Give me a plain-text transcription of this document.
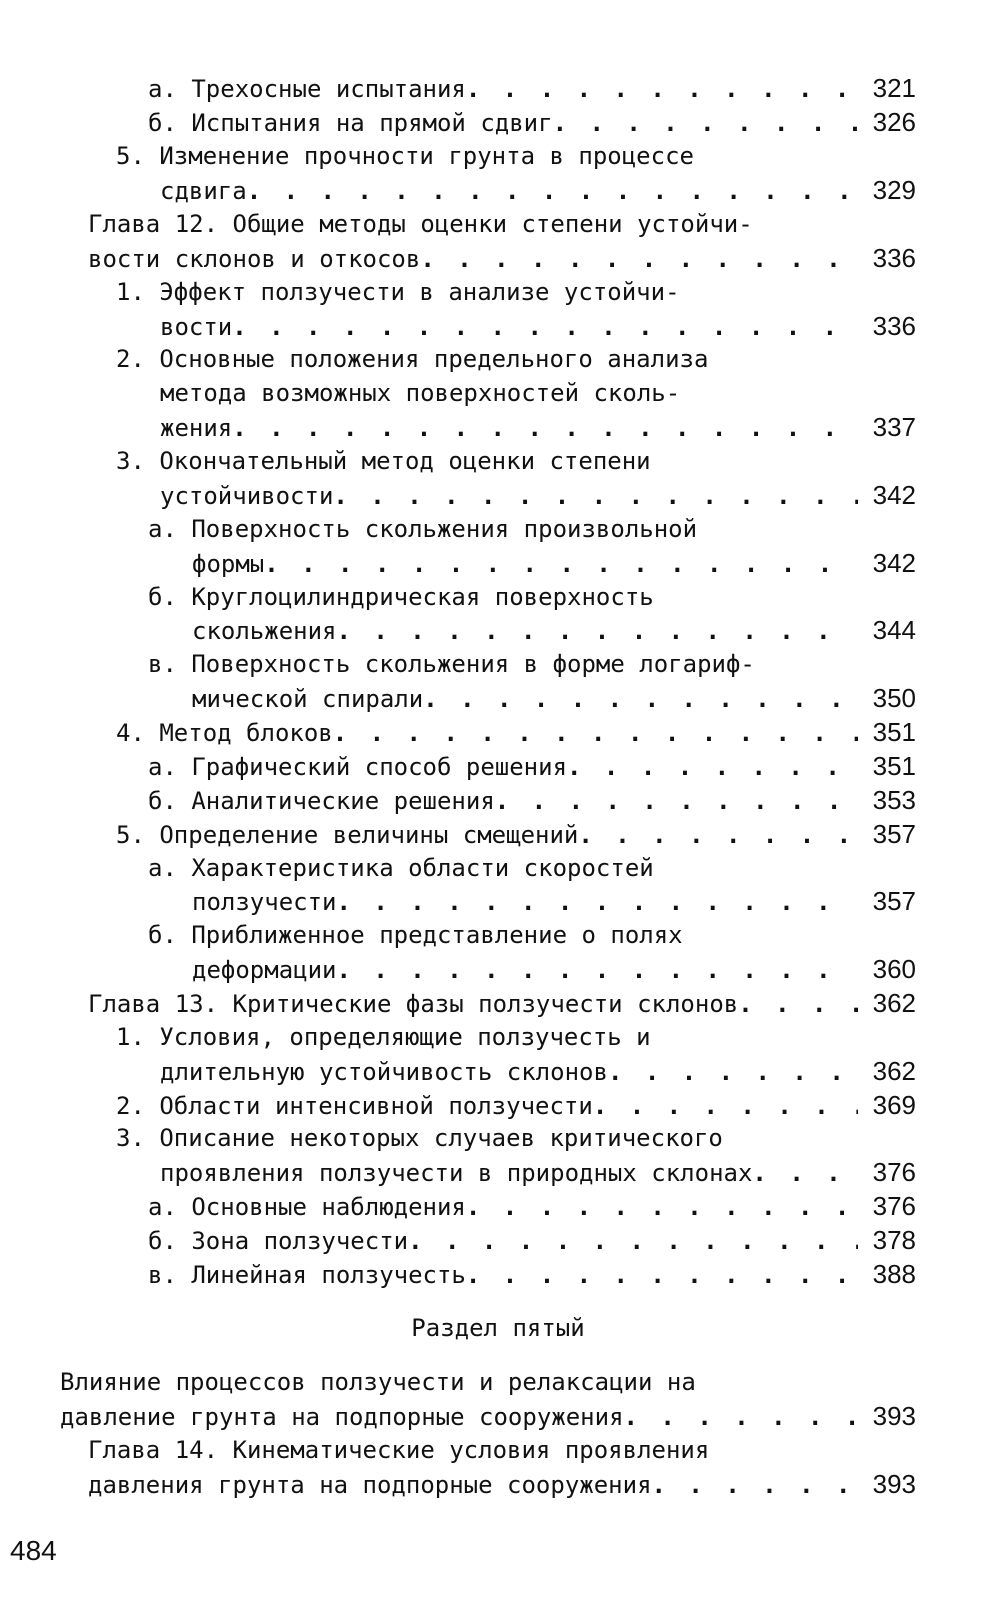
а. Трехосные испытания . . .	321
б. Испытания на прямой сдвиг . . .	326
5. Изменение прочности грунта в процессе
сдвига . . .	329
Глава 12. Общие методы оценки степени устойчи-
вости склонов и откосов . . .	336
1. Эффект ползучести в анализе устойчи-
вости . . .	336
2. Основные положения предельного анализа
метода возможных поверхностей сколь-
жения . . .	337
3. Окончательный метод оценки степени
устойчивости . . .	342
а. Поверхность скольжения произвольной
формы . . .	342
б. Круглоцилиндрическая поверхность
скольжения . . .	344
в. Поверхность скольжения в форме логариф-
мической спирали . . .	350
4. Метод блоков . . .	351
а. Графический способ решения . . .	351
б. Аналитические решения . . .	353
5. Определение величины смещений . . .	357
а. Характеристика области скоростей
ползучести . . .	357
б. Приближенное представление о полях
деформации . . .	360
Глава 13. Критические фазы ползучести склонов . . .	362
1. Условия, определяющие ползучесть и
длительную устойчивость склонов . . .	362
2. Области интенсивной ползучести . . .	369
3. Описание некоторых случаев критического
проявления ползучести в природных склонах . . .	376
а. Основные наблюдения . . .	376
б. Зона ползучести . . .	378
в. Линейная ползучесть . . .	388
Раздел пятый
Влияние процессов ползучести и релаксации на
давление грунта на подпорные сооружения . . .	393
Глава 14. Кинематические условия проявления
давления грунта на подпорные сооружения . . .	393
484
